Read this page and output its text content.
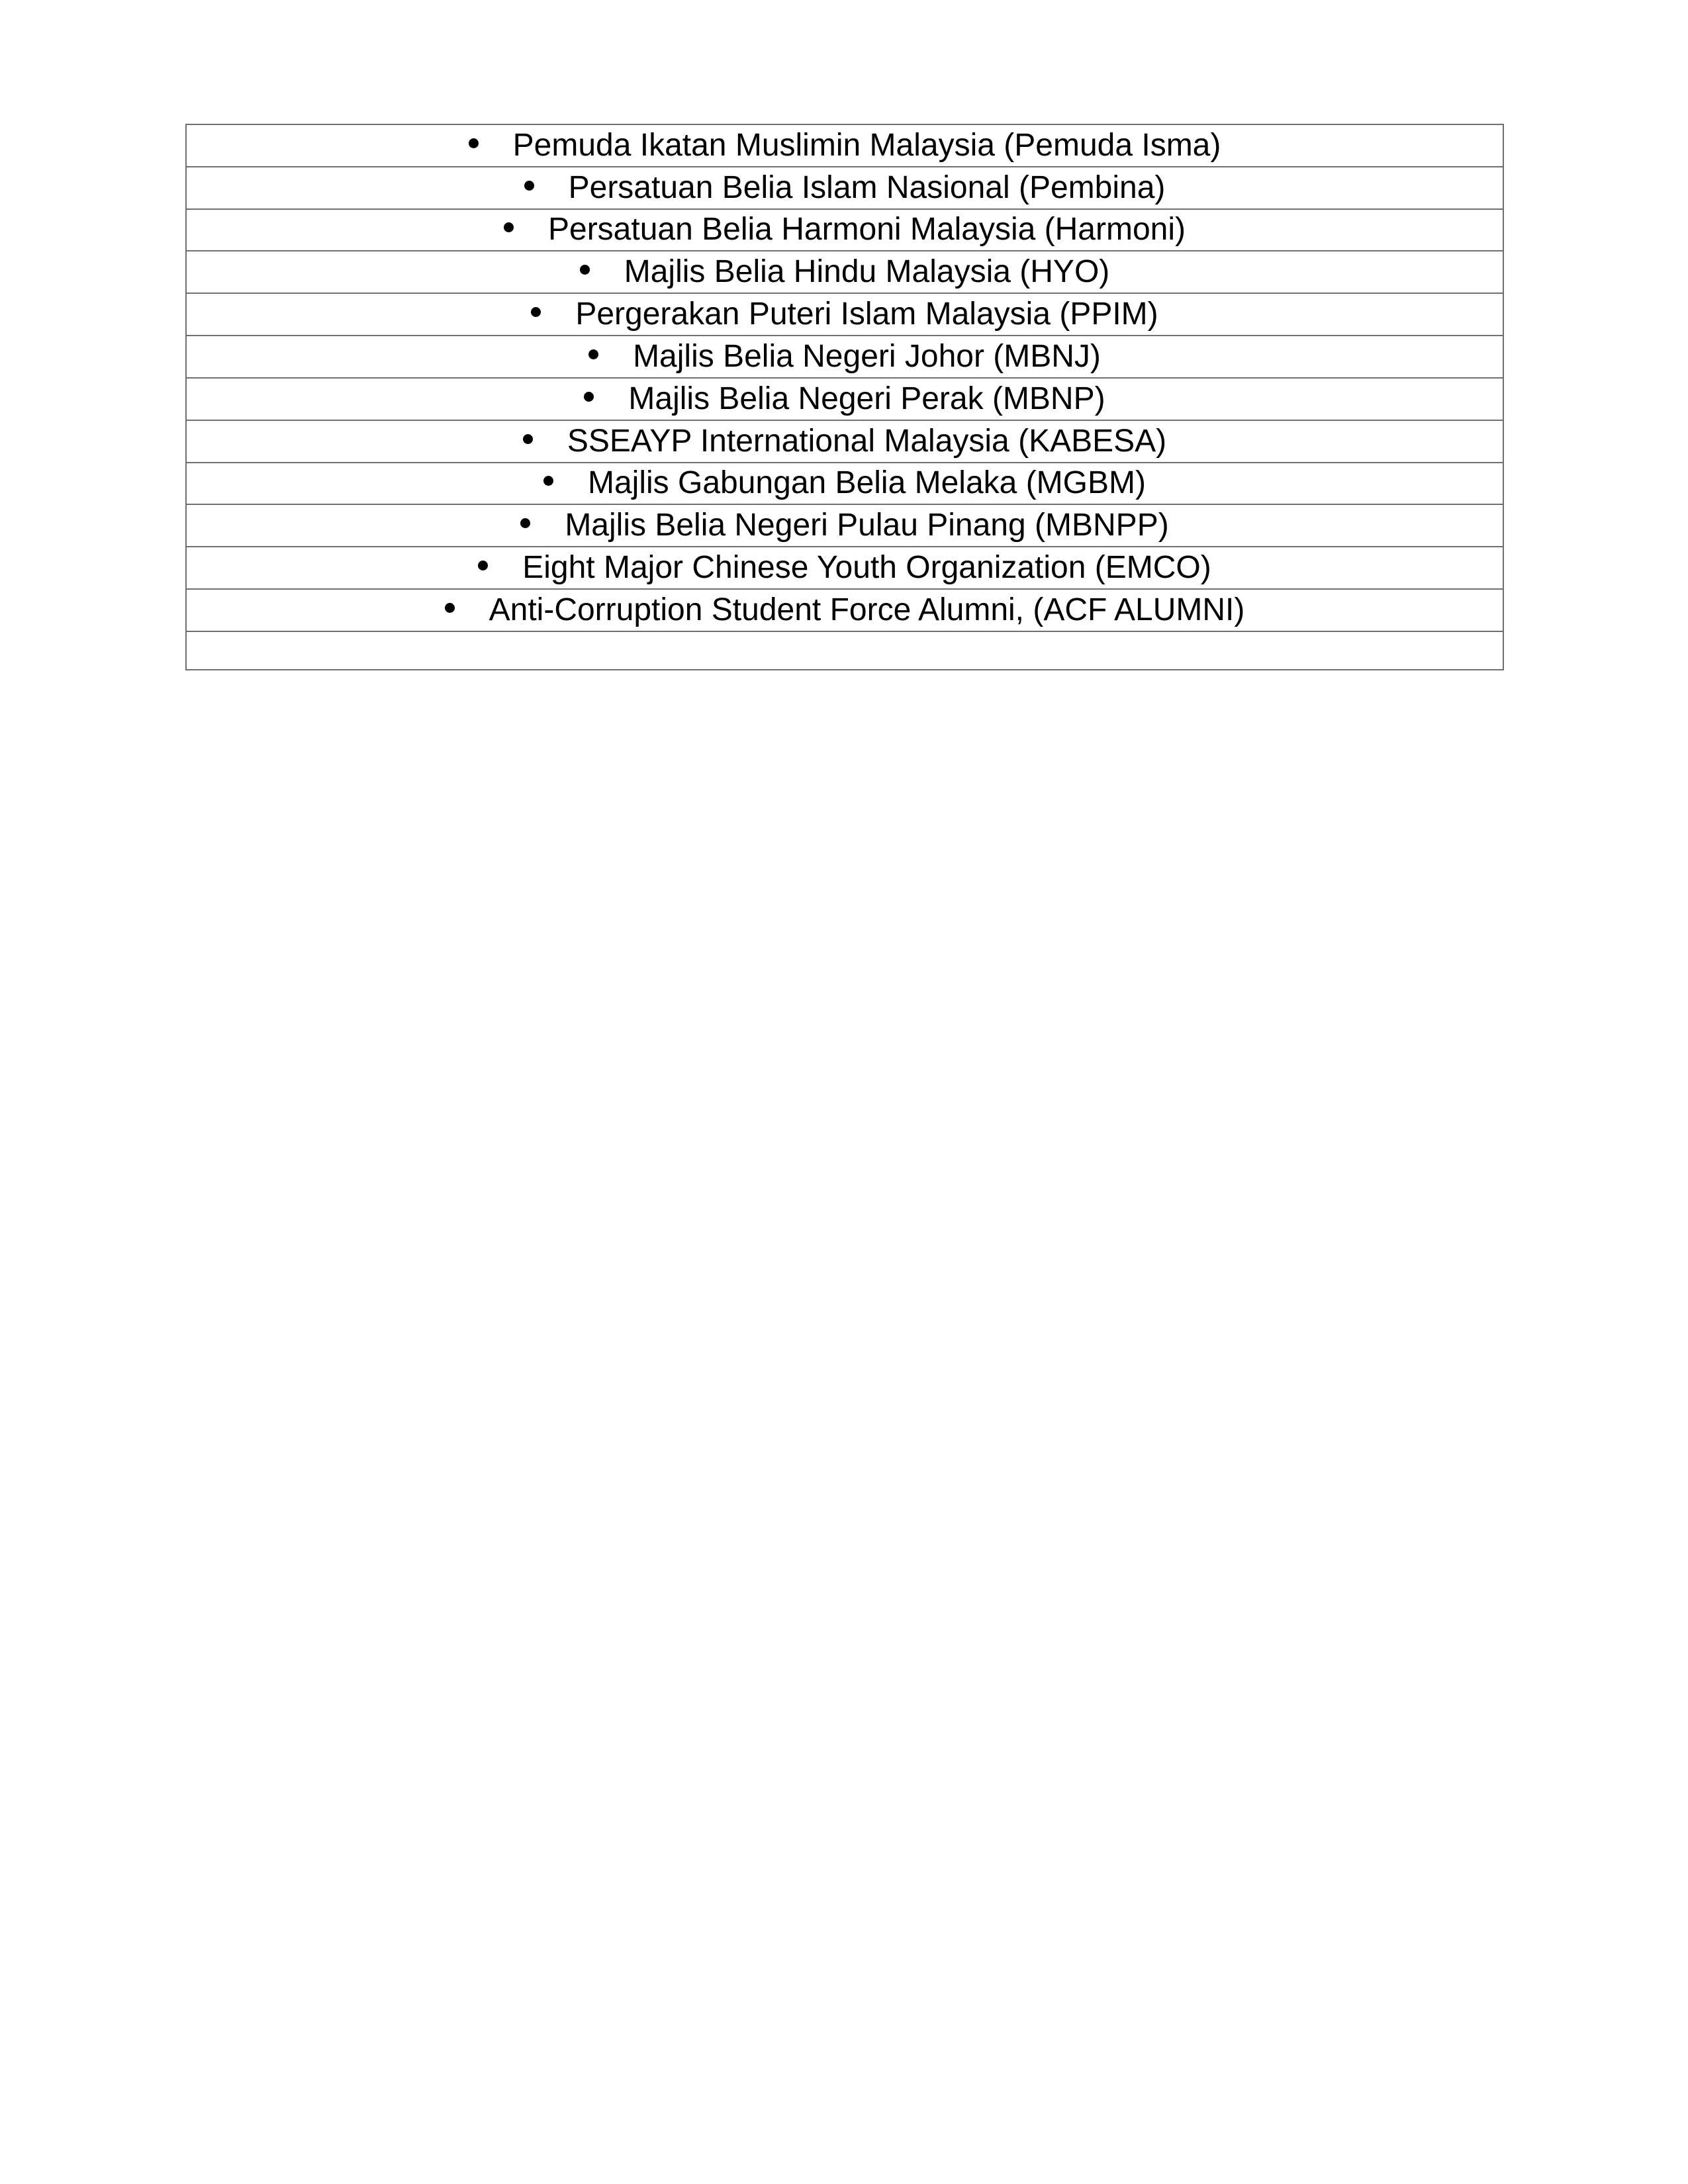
Pemuda Ikatan Muslimin Malaysia (Pemuda Isma)
Persatuan Belia Islam Nasional (Pembina)
Persatuan Belia Harmoni Malaysia (Harmoni)
Majlis Belia Hindu Malaysia (HYO)
Pergerakan Puteri Islam Malaysia (PPIM)
Majlis Belia Negeri Johor (MBNJ)
Majlis Belia Negeri Perak (MBNP)
SSEAYP International Malaysia (KABESA)
Majlis Gabungan Belia Melaka (MGBM)
Majlis Belia Negeri Pulau Pinang (MBNPP)
Eight Major Chinese Youth Organization (EMCO)
Anti-Corruption Student Force Alumni, (ACF ALUMNI)
